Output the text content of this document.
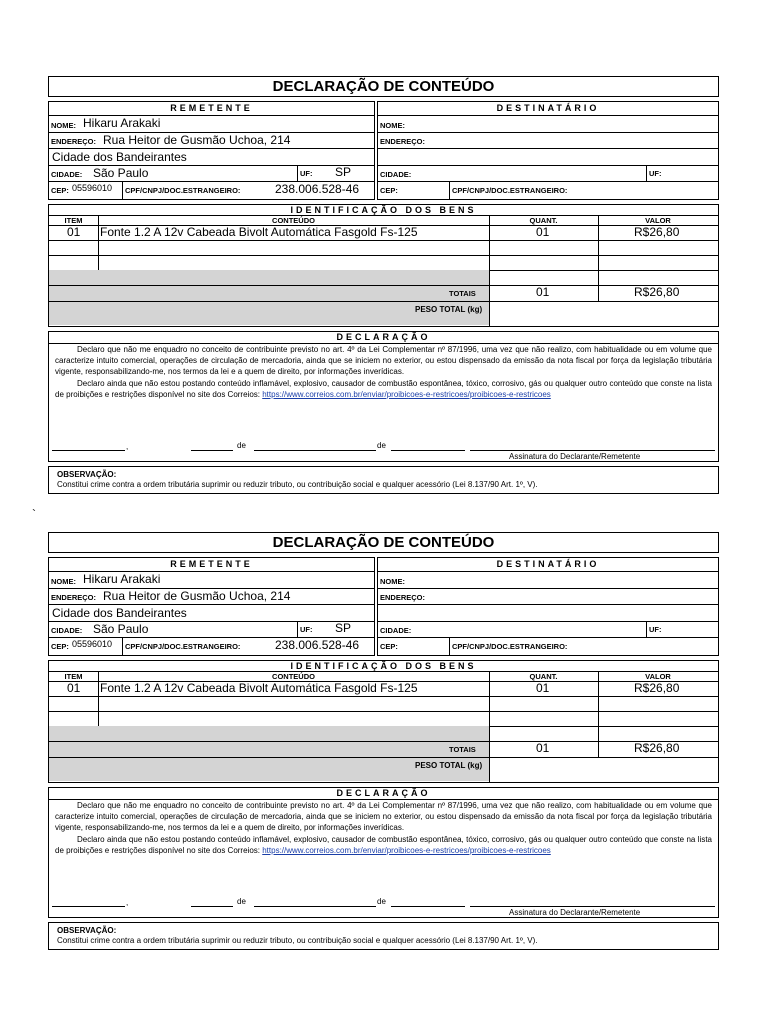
DECLARAÇÃO DE CONTEÚDO
REMETENTE
NOME: Hikaru Arakaki
ENDEREÇO: Rua Heitor de Gusmão Uchoa, 214
Cidade dos Bandeirantes
CIDADE: São Paulo	UF: SP
CEP: 05596010 CPF/CNPJ/DOC.ESTRANGEIRO:	238.006.528-46
DESTINATÁRIO
NOME:
ENDEREÇO:
CIDADE:	UF:
CEP:	CPF/CNPJ/DOC.ESTRANGEIRO:
IDENTIFICAÇÃO DOS BENS
ITEM	CONTEÚDO	QUANT.	VALOR
01 Fonte 1.2 A 12v Cabeada Bivolt Automática Fasgold Fs-125	01	R$26,80
TOTAIS	01	R$26,80
PESO TOTAL (kg)
DECLARAÇÃO

Declaro que não me enquadro no conceito de contribuinte previsto no art. 4º da Lei Complementar nº 87/1996, uma vez que não realizo, com habitualidade ou em volume que caracterize intuito comercial, operações de circulação de mercadoria, ainda que se iniciem no exterior, ou estou dispensado da emissão da nota fiscal por força da legislação tributária vigente, responsabilizando-me, nos termos da lei e a quem de direito, por informações inverídicas.

Declaro ainda que não estou postando conteúdo inflamável, explosivo, causador de combustão espontânea, tóxico, corrosivo, gás ou qualquer outro conteúdo que conste na lista de proibições e restrições disponível no site dos Correios: https://www.correios.com.br/enviar/proibicoes-e-restricoes/proibicoes-e-restricoes

,	de	de
Assinatura do Declarante/Remetente
OBSERVAÇÃO:
Constitui crime contra a ordem tributária suprimir ou reduzir tributo, ou contribuição social e qualquer acessório (Lei 8.137/90 Art. 1º, V).
`
DECLARAÇÃO DE CONTEÚDO
REMETENTE
NOME: Hikaru Arakaki
ENDEREÇO: Rua Heitor de Gusmão Uchoa, 214
Cidade dos Bandeirantes
CIDADE: São Paulo	UF: SP
CEP: 05596010 CPF/CNPJ/DOC.ESTRANGEIRO:	238.006.528-46
DESTINATÁRIO
NOME:
ENDEREÇO:
CIDADE:	UF:
CEP:	CPF/CNPJ/DOC.ESTRANGEIRO:
IDENTIFICAÇÃO DOS BENS
ITEM	CONTEÚDO	QUANT.	VALOR
01 Fonte 1.2 A 12v Cabeada Bivolt Automática Fasgold Fs-125	01	R$26,80
TOTAIS	01	R$26,80
PESO TOTAL (kg)
DECLARAÇÃO

Declaro que não me enquadro no conceito de contribuinte previsto no art. 4º da Lei Complementar nº 87/1996, uma vez que não realizo, com habitualidade ou em volume que caracterize intuito comercial, operações de circulação de mercadoria, ainda que se iniciem no exterior, ou estou dispensado da emissão da nota fiscal por força da legislação tributária vigente, responsabilizando-me, nos termos da lei e a quem de direito, por informações inverídicas.

Declaro ainda que não estou postando conteúdo inflamável, explosivo, causador de combustão espontânea, tóxico, corrosivo, gás ou qualquer outro conteúdo que conste na lista de proibições e restrições disponível no site dos Correios: https://www.correios.com.br/enviar/proibicoes-e-restricoes/proibicoes-e-restricoes

,	de	de
Assinatura do Declarante/Remetente
OBSERVAÇÃO:
Constitui crime contra a ordem tributária suprimir ou reduzir tributo, ou contribuição social e qualquer acessório (Lei 8.137/90 Art. 1º, V).
